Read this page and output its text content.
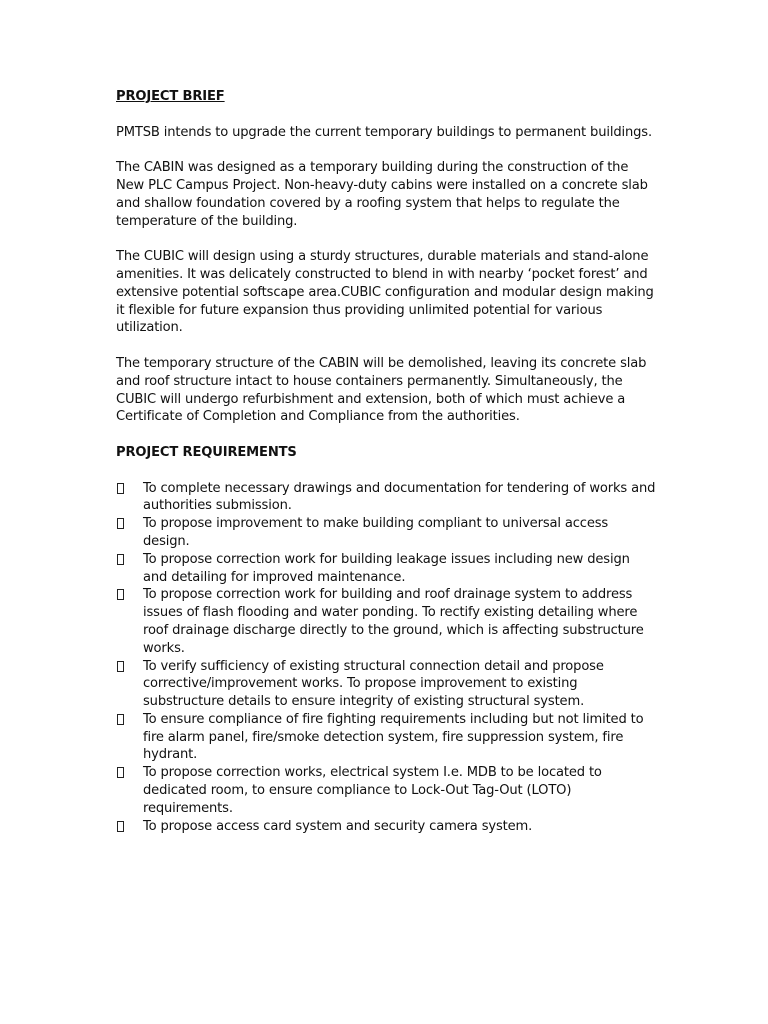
PROJECT BRIEF

PMTSB intends to upgrade the current temporary buildings to permanent buildings.

The CABIN was designed as a temporary building during the construction of the New PLC Campus Project. Non-heavy-duty cabins were installed on a concrete slab and shallow foundation covered by a roofing system that helps to regulate the temperature of the building.

The CUBIC will design using a sturdy structures, durable materials and stand-alone amenities. It was delicately constructed to blend in with nearby ‘pocket forest’ and extensive potential softscape area.CUBIC configuration and modular design making it flexible for future expansion thus providing unlimited potential for various utilization.

The temporary structure of the CABIN will be demolished, leaving its concrete slab and roof structure intact to house containers permanently. Simultaneously, the CUBIC will undergo refurbishment and extension, both of which must achieve a Certificate of Completion and Compliance from the authorities.

PROJECT REQUIREMENTS

To complete necessary drawings and documentation for tendering of works and authorities submission.
To propose improvement to make building compliant to universal access design.
To propose correction work for building leakage issues including new design and detailing for improved maintenance.
To propose correction work for building and roof drainage system to address issues of flash flooding and water ponding. To rectify existing detailing where roof drainage discharge directly to the ground, which is affecting substructure works.
To verify sufficiency of existing structural connection detail and propose corrective/improvement works. To propose improvement to existing substructure details to ensure integrity of existing structural system.
To ensure compliance of fire fighting requirements including but not limited to fire alarm panel, fire/smoke detection system, fire suppression system, fire hydrant.
To propose correction works, electrical system I.e. MDB to be located to dedicated room, to ensure compliance to Lock-Out Tag-Out (LOTO) requirements.
To propose access card system and security camera system.
